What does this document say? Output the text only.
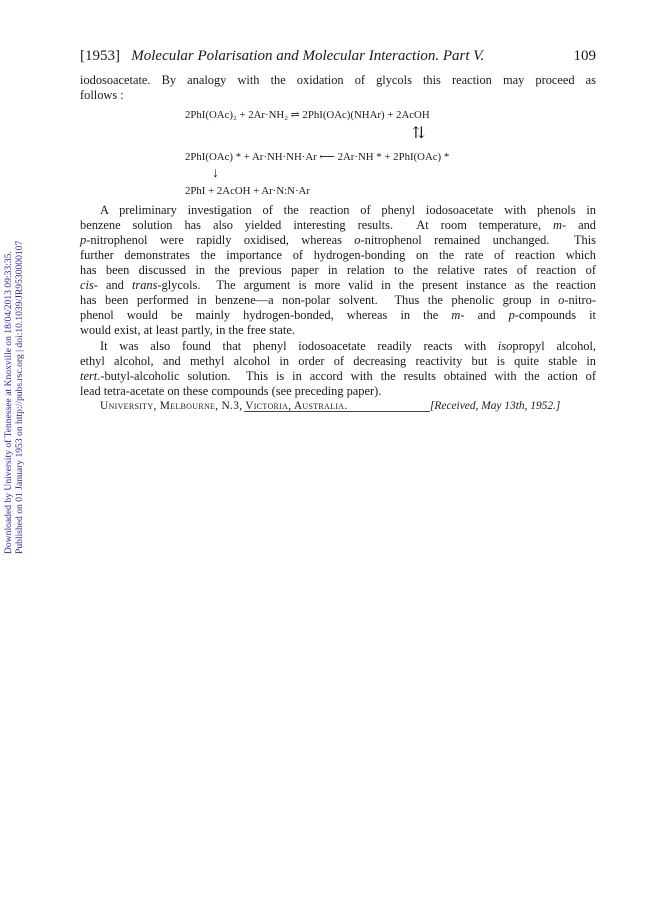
Downloaded by University of Tennessee at Knoxville on 18/04/2013 09:33:35. Published on 01 January 1953 on http://pubs.rsc.org | doi:10.1039/JR9530000107
[1953] Molecular Polarisation and Molecular Interaction. Part V.	109
iodosoacetate. By analogy with the oxidation of glycols this reaction may proceed as
follows :
2PhI(OAc)₂ + 2Ar·NH₂ ⇌ 2PhI(OAc)(NHAr) + 2AcOH
⇅
2PhI(OAc) * + Ar·NH·NH·Ar ⟵ 2Ar·NH * + 2PhI(OAc) *
↓
2PhI + 2AcOH + Ar·N:N·Ar
A preliminary investigation of the reaction of phenyl iodosoacetate with phenols in
benzene solution has also yielded interesting results.  At room temperature, m- and
p-nitrophenol were rapidly oxidised, whereas o-nitrophenol remained unchanged.  This
further demonstrates the importance of hydrogen-bonding on the rate of reaction which
has been discussed in the previous paper in relation to the relative rates of reaction of
cis- and trans-glycols.  The argument is more valid in the present instance as the reaction
has been performed in benzene—a non-polar solvent.  Thus the phenolic group in o-nitro-
phenol would be mainly hydrogen-bonded, whereas in the m- and p-compounds it
would exist, at least partly, in the free state.
It was also found that phenyl iodosoacetate readily reacts with isopropyl alcohol,
ethyl alcohol, and methyl alcohol in order of decreasing reactivity but is quite stable in
tert.-butyl-alcoholic solution.  This is in accord with the results obtained with the action of
lead tetra-acetate on these compounds (see preceding paper).
University, Melbourne, N.3, Victoria, Australia.	[Received, May 13th, 1952.]
